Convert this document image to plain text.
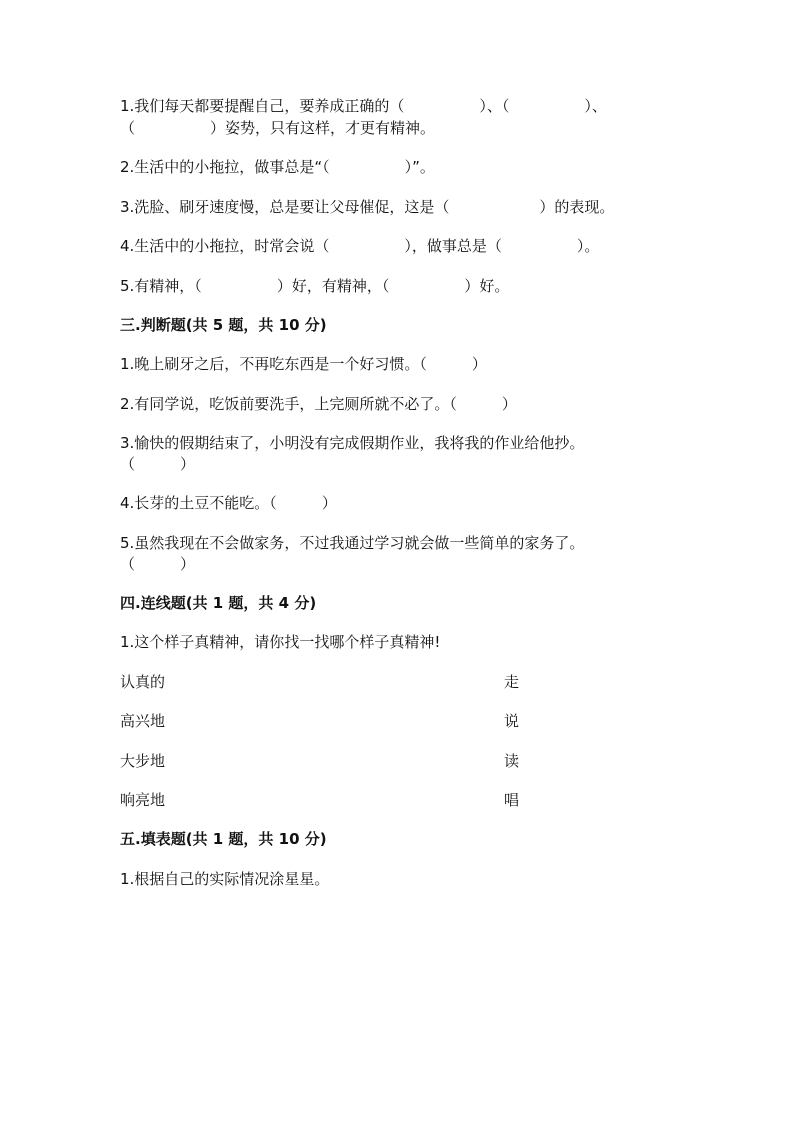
1.我们每天都要提醒自己，要养成正确的（　　　　　）、（　　　　　）、
（　　　　　）姿势，只有这样，才更有精神。
2.生活中的小拖拉，做事总是“（　　　　　）”。
3.洗脸、刷牙速度慢，总是要让父母催促，这是（　　　　　　）的表现。
4.生活中的小拖拉，时常会说（　　　　　），做事总是（　　　　　）。
5.有精神，（　　　　　）好，有精神，（　　　　　）好。
三.判断题(共 5 题，共 10 分)
1.晚上刷牙之后，不再吃东西是一个好习惯。（　　　）
2.有同学说，吃饭前要洗手，上完厕所就不必了。（　　　）
3.愉快的假期结束了，小明没有完成假期作业，我将我的作业给他抄。
（　　　）
4.长芽的土豆不能吃。（　　　）
5.虽然我现在不会做家务，不过我通过学习就会做一些简单的家务了。
（　　　）
四.连线题(共 1 题，共 4 分)
1.这个样子真精神，请你找一找哪个样子真精神!
认真的	走
高兴地	说
大步地	读
响亮地	唱
五.填表题(共 1 题，共 10 分)
1.根据自己的实际情况涂星星。
